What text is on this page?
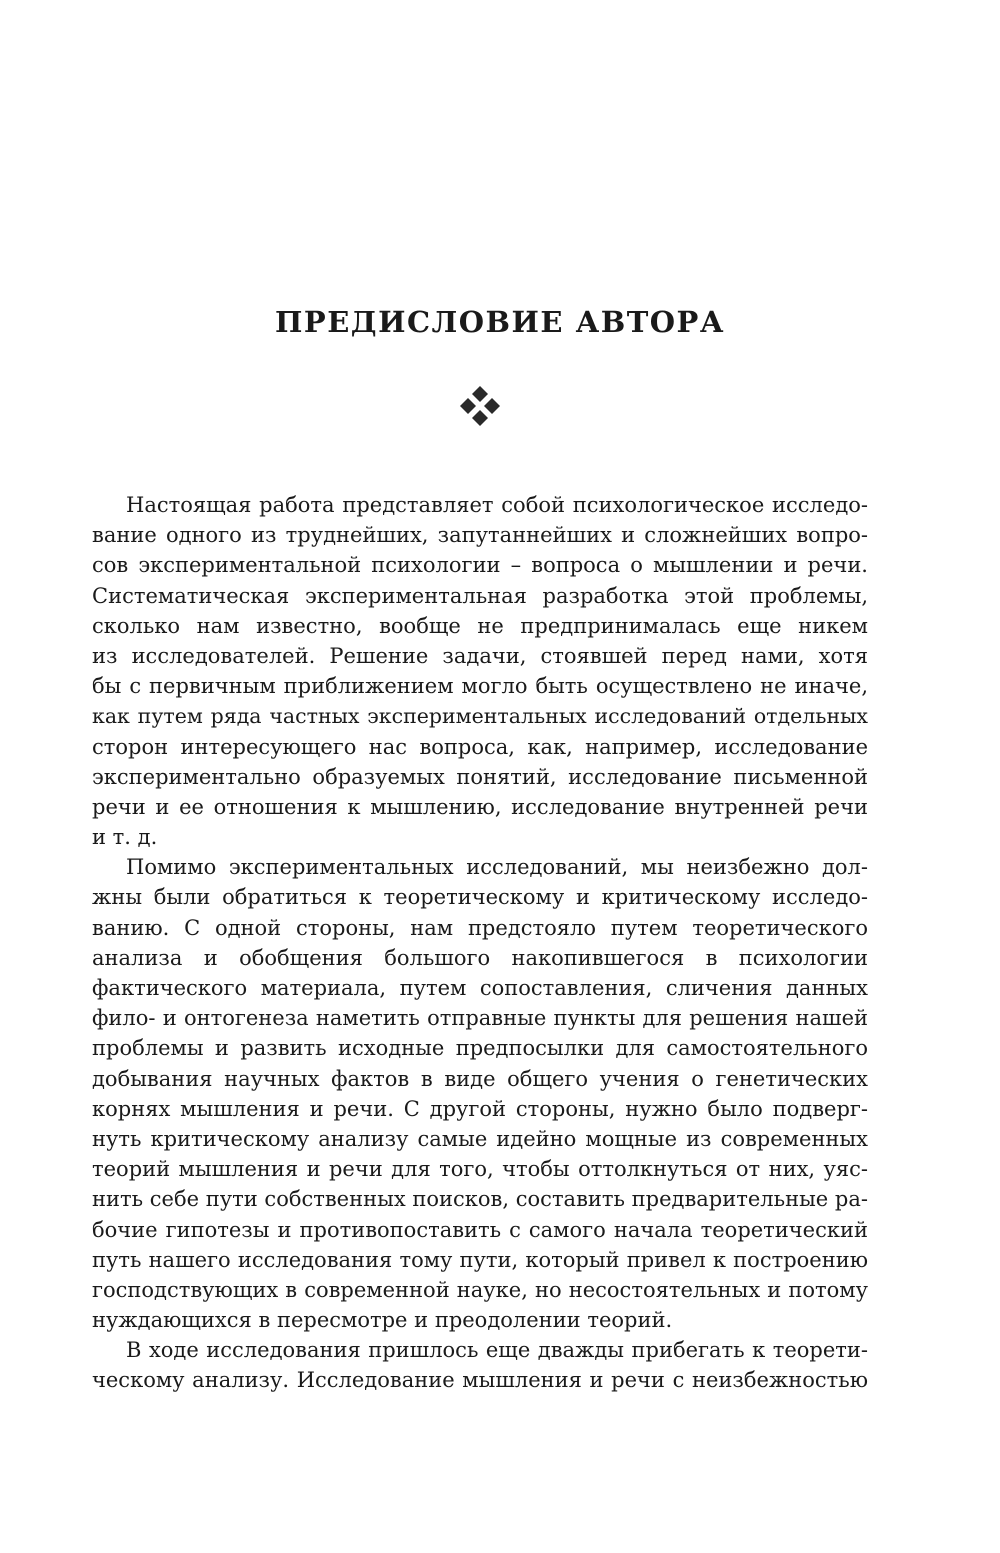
ПРЕДИСЛОВИЕ АВТОРА
Настоящая работа представляет собой психологическое исследо-
вание одного из труднейших, запутаннейших и сложнейших вопро-
сов экспериментальной психологии – вопроса о мышлении и речи.
Систематическая экспериментальная разработка этой проблемы,
сколько нам известно, вообще не предпринималась еще никем
из исследователей. Решение задачи, стоявшей перед нами, хотя
бы с первичным приближением могло быть осуществлено не иначе,
как путем ряда частных экспериментальных исследований отдельных
сторон интересующего нас вопроса, как, например, исследование
экспериментально образуемых понятий, исследование письменной
речи и ее отношения к мышлению, исследование внутренней речи
и т. д.
Помимо экспериментальных исследований, мы неизбежно дол-
жны были обратиться к теоретическому и критическому исследо-
ванию. С одной стороны, нам предстояло путем теоретического
анализа и обобщения большого накопившегося в психологии
фактического материала, путем сопоставления, сличения данных
фило- и онтогенеза наметить отправные пункты для решения нашей
проблемы и развить исходные предпосылки для самостоятельного
добывания научных фактов в виде общего учения о генетических
корнях мышления и речи. С другой стороны, нужно было подверг-
нуть критическому анализу самые идейно мощные из современных
теорий мышления и речи для того, чтобы оттолкнуться от них, уяс-
нить себе пути собственных поисков, составить предварительные ра-
бочие гипотезы и противопоставить с самого начала теоретический
путь нашего исследования тому пути, который привел к построению
господствующих в современной науке, но несостоятельных и потому
нуждающихся в пересмотре и преодолении теорий.
В ходе исследования пришлось еще дважды прибегать к теорети-
ческому анализу. Исследование мышления и речи с неизбежностью
